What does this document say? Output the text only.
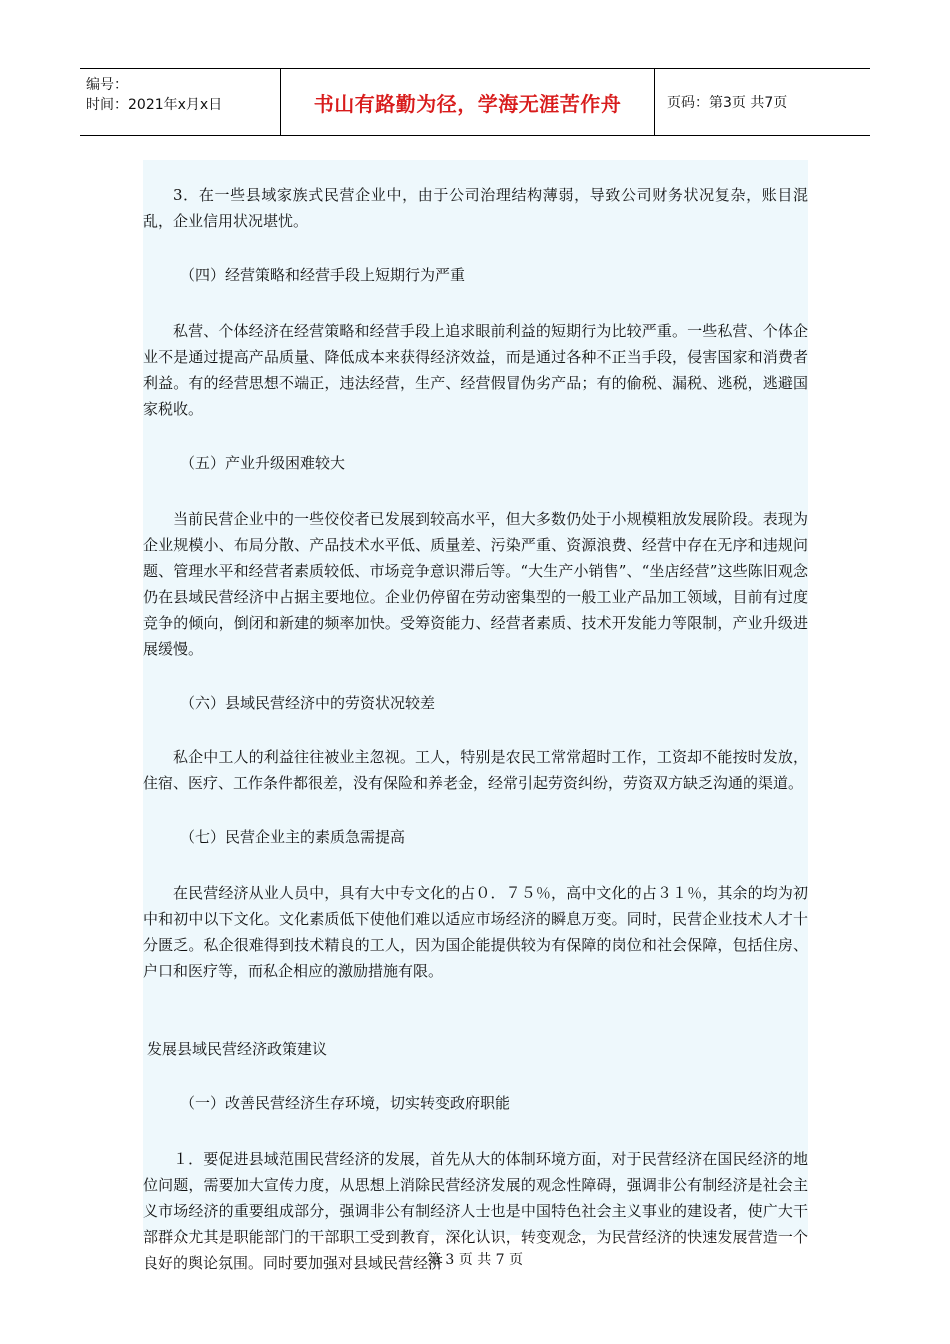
编号：
时间：2021年x月x日	书山有路勤为径，学海无涯苦作舟	页码：第3页 共7页

3．在一些县域家族式民营企业中，由于公司治理结构薄弱，导致公司财务状况复杂，账目混乱，企业信用状况堪忧。

（四）经营策略和经营手段上短期行为严重

私营、个体经济在经营策略和经营手段上追求眼前利益的短期行为比较严重。一些私营、个体企业不是通过提高产品质量、降低成本来获得经济效益，而是通过各种不正当手段，侵害国家和消费者利益。有的经营思想不端正，违法经营，生产、经营假冒伪劣产品；有的偷税、漏税、逃税，逃避国家税收。

（五）产业升级困难较大

当前民营企业中的一些佼佼者已发展到较高水平，但大多数仍处于小规模粗放发展阶段。表现为企业规模小、布局分散、产品技术水平低、质量差、污染严重、资源浪费、经营中存在无序和违规问题、管理水平和经营者素质较低、市场竞争意识滞后等。“大生产小销售”、“坐店经营”这些陈旧观念仍在县域民营经济中占据主要地位。企业仍停留在劳动密集型的一般工业产品加工领域，目前有过度竞争的倾向，倒闭和新建的频率加快。受筹资能力、经营者素质、技术开发能力等限制，产业升级进展缓慢。

（六）县域民营经济中的劳资状况较差

私企中工人的利益往往被业主忽视。工人，特别是农民工常常超时工作，工资却不能按时发放，住宿、医疗、工作条件都很差，没有保险和养老金，经常引起劳资纠纷，劳资双方缺乏沟通的渠道。

（七）民营企业主的素质急需提高

在民营经济从业人员中，具有大中专文化的占０．７５％，高中文化的占３１％，其余的均为初中和初中以下文化。文化素质低下使他们难以适应市场经济的瞬息万变。同时，民营企业技术人才十分匮乏。私企很难得到技术精良的工人，因为国企能提供较为有保障的岗位和社会保障，包括住房、户口和医疗等，而私企相应的激励措施有限。

发展县域民营经济政策建议

（一）改善民营经济生存环境，切实转变政府职能

１．要促进县域范围民营经济的发展，首先从大的体制环境方面，对于民营经济在国民经济的地位问题，需要加大宣传力度，从思想上消除民营经济发展的观念性障碍，强调非公有制经济是社会主义市场经济的重要组成部分，强调非公有制经济人士也是中国特色社会主义事业的建设者，使广大干部群众尤其是职能部门的干部职工受到教育，深化认识，转变观念，为民营经济的快速发展营造一个良好的舆论氛围。同时要加强对县域民营经济

第 3 页 共 7 页
